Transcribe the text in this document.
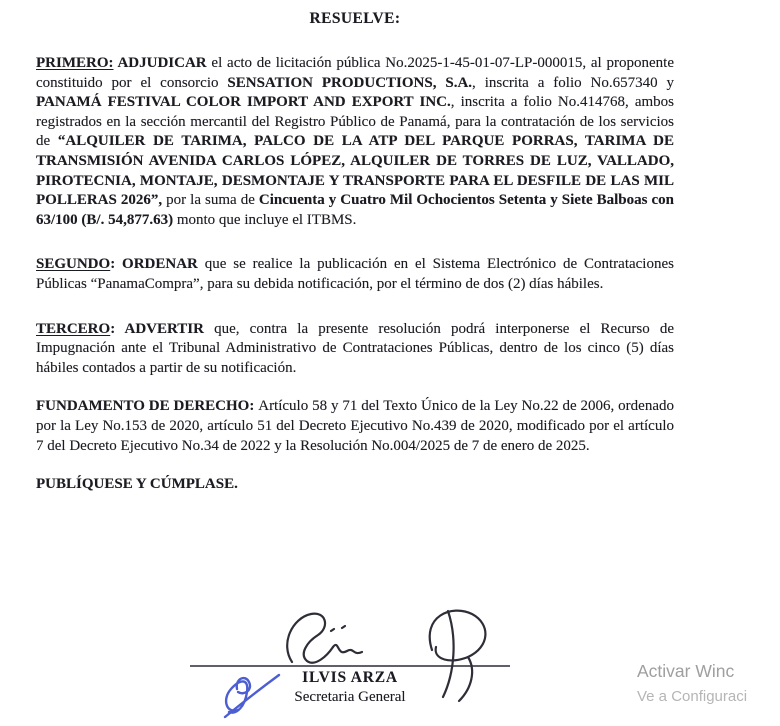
RESUELVE:

PRIMERO: ADJUDICAR el acto de licitación pública No.2025-1-45-01-07-LP-000015, al proponente constituido por el consorcio SENSATION PRODUCTIONS, S.A., inscrita a folio No.657340 y PANAMÁ FESTIVAL COLOR IMPORT AND EXPORT INC., inscrita a folio No.414768, ambos registrados en la sección mercantil del Registro Público de Panamá, para la contratación de los servicios de “ALQUILER DE TARIMA, PALCO DE LA ATP DEL PARQUE PORRAS, TARIMA DE TRANSMISIÓN AVENIDA CARLOS LÓPEZ, ALQUILER DE TORRES DE LUZ, VALLADO, PIROTECNIA, MONTAJE, DESMONTAJE Y TRANSPORTE PARA EL DESFILE DE LAS MIL POLLERAS 2026”, por la suma de Cincuenta y Cuatro Mil Ochocientos Setenta y Siete Balboas con 63/100 (B/. 54,877.63) monto que incluye el ITBMS.

SEGUNDO: ORDENAR que se realice la publicación en el Sistema Electrónico de Contrataciones Públicas “PanamaCompra”, para su debida notificación, por el término de dos (2) días hábiles.

TERCERO: ADVERTIR que, contra la presente resolución podrá interponerse el Recurso de Impugnación ante el Tribunal Administrativo de Contrataciones Públicas, dentro de los cinco (5) días hábiles contados a partir de su notificación.

FUNDAMENTO DE DERECHO: Artículo 58 y 71 del Texto Único de la Ley No.22 de 2006, ordenado por la Ley No.153 de 2020, artículo 51 del Decreto Ejecutivo No.439 de 2020, modificado por el artículo 7 del Decreto Ejecutivo No.34 de 2022 y la Resolución No.004/2025 de 7 de enero de 2025.

PUBLÍQUESE Y CÚMPLASE.

ILVIS ARZA
Secretaria General
Activar Winc
Ve a Configuraci
